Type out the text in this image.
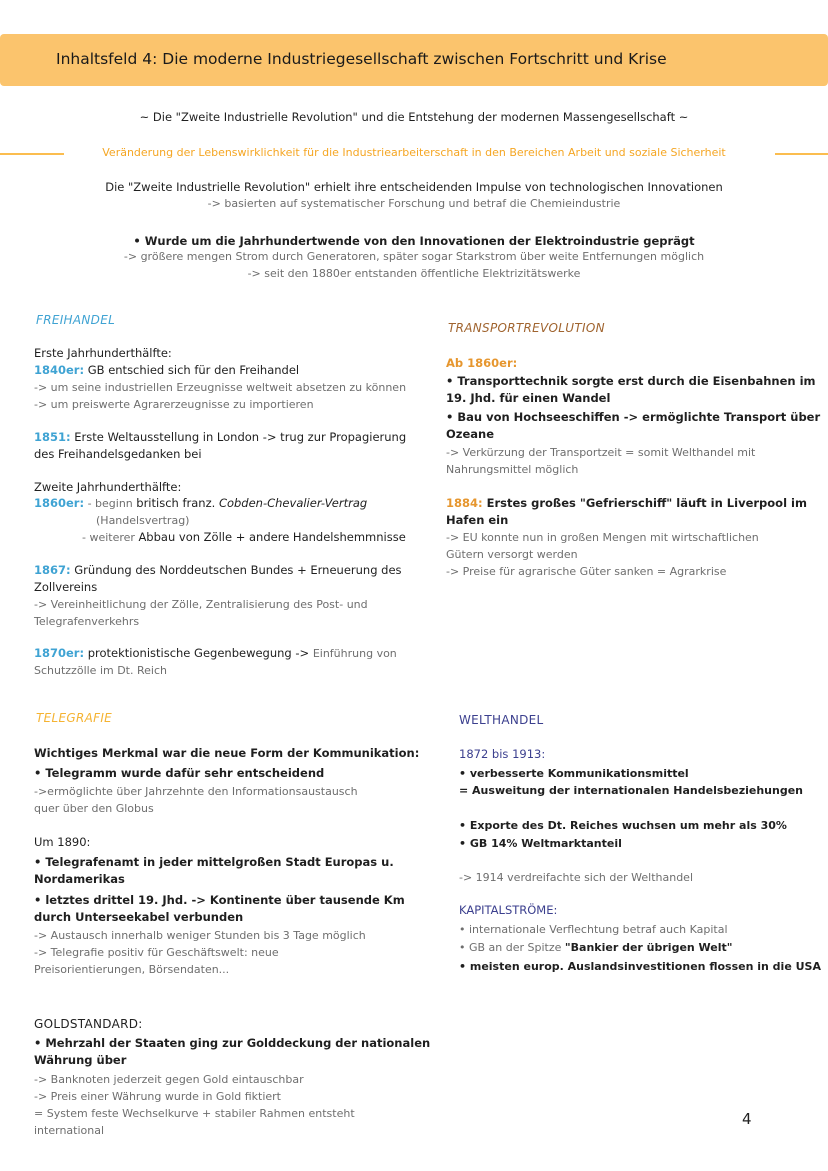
Inhaltsfeld 4: Die moderne Industriegesellschaft zwischen Fortschritt und Krise
~ Die "Zweite Industrielle Revolution" und die Entstehung der modernen Massengesellschaft ~
Veränderung der Lebenswirklichkeit für die Industriearbeiterschaft in den Bereichen Arbeit und soziale Sicherheit
Die "Zweite Industrielle Revolution" erhielt ihre entscheidenden Impulse von technologischen Innovationen
-> basierten auf systematischer Forschung und betraf die Chemieindustrie
• Wurde um die Jahrhundertwende von den Innovationen der Elektroindustrie geprägt
-> größere mengen Strom durch Generatoren, später sogar Starkstrom über weite Entfernungen möglich
-> seit den 1880er entstanden öffentliche Elektrizitätswerke
FREIHANDEL
Erste Jahrhunderthälfte:
1840er: GB entschied sich für den Freihandel
-> um seine industriellen Erzeugnisse weltweit absetzen zu können
-> um preiswerte Agrarerzeugnisse zu importieren
1851: Erste Weltausstellung in London -> trug zur Propagierung
des Freihandelsgedanken bei
Zweite Jahrhunderthälfte:
1860er: - beginn britisch franz. Cobden-Chevalier-Vertrag
(Handelsvertrag)
- weiterer Abbau von Zölle + andere Handelshemmnisse
1867: Gründung des Norddeutschen Bundes + Erneuerung des
Zollvereins
-> Vereinheitlichung der Zölle, Zentralisierung des Post- und
Telegrafenverkehrs
1870er: protektionistische Gegenbewegung -> Einführung von
Schutzzölle im Dt. Reich
TRANSPORTREVOLUTION
Ab 1860er:
• Transporttechnik sorgte erst durch die Eisenbahnen im
19. Jhd. für einen Wandel
• Bau von Hochseeschiffen -> ermöglichte Transport über
Ozeane
-> Verkürzung der Transportzeit = somit Welthandel mit
Nahrungsmittel möglich
1884: Erstes großes "Gefrierschiff" läuft in Liverpool im
Hafen ein
-> EU konnte nun in großen Mengen mit wirtschaftlichen
Gütern versorgt werden
-> Preise für agrarische Güter sanken = Agrarkrise
TELEGRAFIE
Wichtiges Merkmal war die neue Form der Kommunikation:
• Telegramm wurde dafür sehr entscheidend
->ermöglichte über Jahrzehnte den Informationsaustausch
quer über den Globus
Um 1890:
• Telegrafenamt in jeder mittelgroßen Stadt Europas u.
Nordamerikas
• letztes drittel 19. Jhd. -> Kontinente über tausende Km
durch Unterseekabel verbunden
-> Austausch innerhalb weniger Stunden bis 3 Tage möglich
-> Telegrafie positiv für Geschäftswelt: neue
Preisorientierungen, Börsendaten...
WELTHANDEL
1872 bis 1913:
• verbesserte Kommunikationsmittel
= Ausweitung der internationalen Handelsbeziehungen
• Exporte des Dt. Reiches wuchsen um mehr als 30%
• GB 14% Weltmarktanteil
-> 1914 verdreifachte sich der Welthandel
KAPITALSTRÖME:
• internationale Verflechtung betraf auch Kapital
• GB an der Spitze "Bankier der übrigen Welt"
• meisten europ. Auslandsinvestitionen flossen in die USA
GOLDSTANDARD:
• Mehrzahl der Staaten ging zur Golddeckung der nationalen
Währung über
-> Banknoten jederzeit gegen Gold eintauschbar
-> Preis einer Währung wurde in Gold fiktiert
= System feste Wechselkurve + stabiler Rahmen entsteht
international
4
